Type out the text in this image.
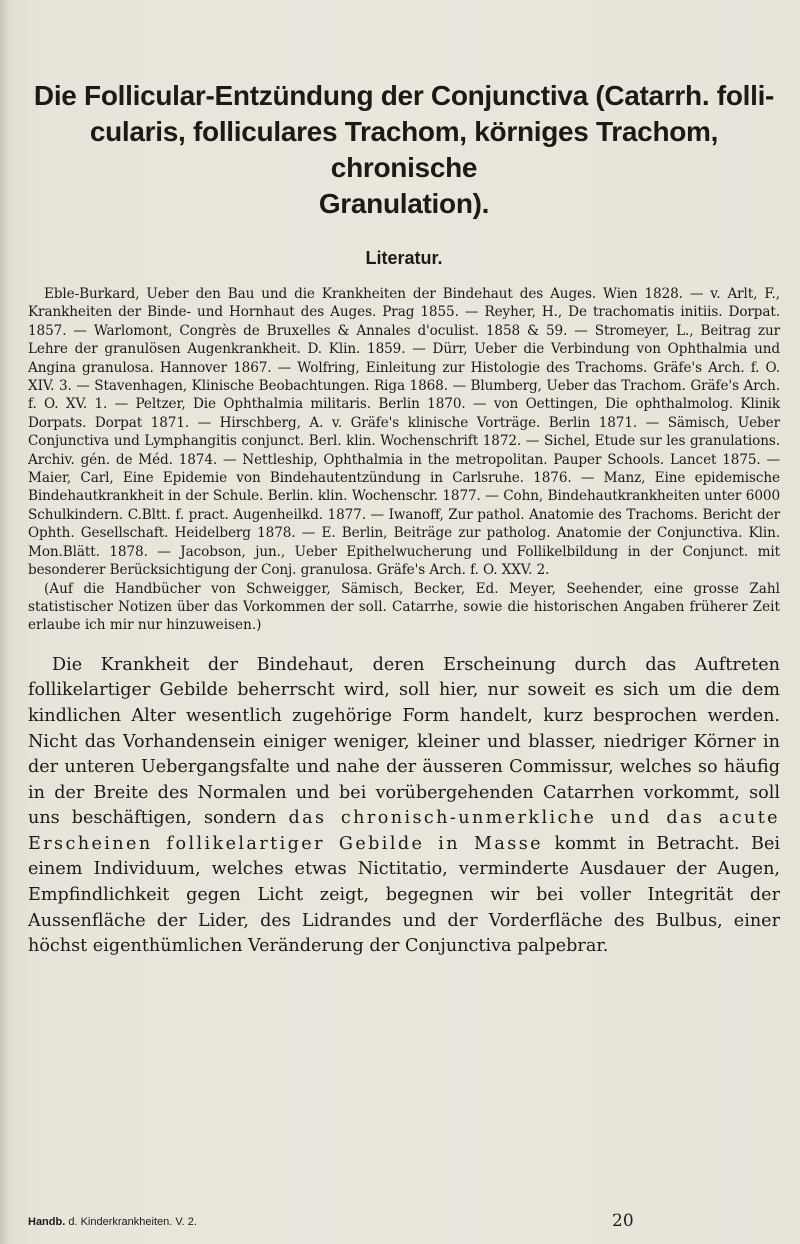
Die Follicular-Entzündung der Conjunctiva (Catarrh. folli-
cularis, folliculares Trachom, körniges Trachom, chronische
Granulation).
Literatur.

Eble-Burkard, Ueber den Bau und die Krankheiten der Bindehaut des Auges. Wien 1828. — v. Arlt, F., Krankheiten der Binde- und Hornhaut des Auges. Prag 1855. — Reyher, H., De trachomatis initiis. Dorpat. 1857. — Warlomont, Congrès de Bruxelles & Annales d'oculist. 1858 & 59. — Stromeyer, L., Beitrag zur Lehre der granulösen Augenkrankheit. D. Klin. 1859. — Dürr, Ueber die Verbindung von Ophthalmia und Angina granulosa. Hannover 1867. — Wolfring, Einleitung zur Histologie des Trachoms. Gräfe's Arch. f. O. XIV. 3. — Stavenhagen, Klinische Beobachtungen. Riga 1868. — Blumberg, Ueber das Trachom. Gräfe's Arch. f. O. XV. 1. — Peltzer, Die Ophthalmia militaris. Berlin 1870. — von Oettingen, Die ophthalmolog. Klinik Dorpats. Dorpat 1871. — Hirschberg, A. v. Gräfe's klinische Vorträge. Berlin 1871. — Sämisch, Ueber Conjunctiva und Lymphangitis conjunct. Berl. klin. Wochenschrift 1872. — Sichel, Etude sur les granulations. Archiv. gén. de Méd. 1874. — Nettleship, Ophthalmia in the metropolitan. Pauper Schools. Lancet 1875. — Maier, Carl, Eine Epidemie von Bindehautentzündung in Carlsruhe. 1876. — Manz, Eine epidemische Bindehautkrankheit in der Schule. Berlin. klin. Wochenschr. 1877. — Cohn, Bindehautkrankheiten unter 6000 Schulkindern. C.Bltt. f. pract. Augenheilkd. 1877. — Iwanoff, Zur pathol. Anatomie des Trachoms. Bericht der Ophth. Gesellschaft. Heidelberg 1878. — E. Berlin, Beiträge zur patholog. Anatomie der Conjunctiva. Klin. Mon.Blätt. 1878. — Jacobson, jun., Ueber Epithelwucherung und Follikelbildung in der Conjunct. mit besonderer Berücksichtigung der Conj. granulosa. Gräfe's Arch. f. O. XXV. 2.

(Auf die Handbücher von Schweigger, Sämisch, Becker, Ed. Meyer, Seehender, eine grosse Zahl statistischer Notizen über das Vorkommen der soll. Catarrhe, sowie die historischen Angaben früherer Zeit erlaube ich mir nur hinzuweisen.)

Die Krankheit der Bindehaut, deren Erscheinung durch das Auftreten follikelartiger Gebilde beherrscht wird, soll hier, nur soweit es sich um die dem kindlichen Alter wesentlich zugehörige Form handelt, kurz besprochen werden. Nicht das Vorhandensein einiger weniger, kleiner und blasser, niedriger Körner in der unteren Uebergangsfalte und nahe der äusseren Commissur, welches so häufig in der Breite des Normalen und bei vorübergehenden Catarrhen vorkommt, soll uns beschäftigen, sondern das chronisch-unmerkliche und das acute Erscheinen follikelartiger Gebilde in Masse kommt in Betracht. Bei einem Individuum, welches etwas Nictitatio, verminderte Ausdauer der Augen, Empfindlichkeit gegen Licht zeigt, begegnen wir bei voller Integrität der Aussenfläche der Lider, des Lidrandes und der Vorderfläche des Bulbus, einer höchst eigenthümlichen Veränderung der Conjunctiva palpebrar.

Handb. d. Kinderkrankheiten. V. 2.	20
